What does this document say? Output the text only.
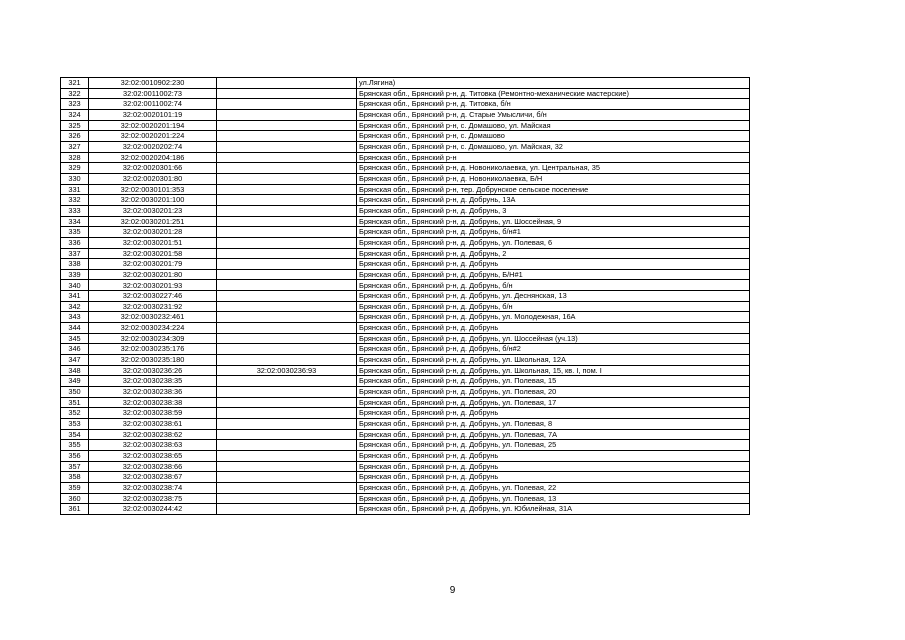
321	32:02:0010902:230		ул.Лягина)
322	32:02:0011002:73		Брянская обл., Брянский р-н, д. Титовка (Ремонтно-механические мастерские)
323	32:02:0011002:74		Брянская обл., Брянский р-н, д. Титовка, б/н
324	32:02:0020101:19		Брянская обл., Брянский р-н, д. Старые Умысличи, б/н
325	32:02:0020201:194		Брянская обл., Брянский р-н, с. Домашово, ул. Майская
326	32:02:0020201:224		Брянская обл., Брянский р-н, с. Домашово
327	32:02:0020202:74		Брянская обл., Брянский р-н, с. Домашово, ул. Майская, 32
328	32:02:0020204:186		Брянская обл., Брянский р-н
329	32:02:0020301:66		Брянская обл., Брянский р-н, д. Новониколаевка, ул. Центральная, 35
330	32:02:0020301:80		Брянская обл., Брянский р-н, д. Новониколаевка, Б/Н
331	32:02:0030101:353		Брянская обл., Брянский р-н, тер. Добрунское сельское поселение
332	32:02:0030201:100		Брянская обл., Брянский р-н, д. Добрунь, 13А
333	32:02:0030201:23		Брянская обл., Брянский р-н, д. Добрунь, 3
334	32:02:0030201:251		Брянская обл., Брянский р-н, д. Добрунь, ул. Шоссейная, 9
335	32:02:0030201:28		Брянская обл., Брянский р-н, д. Добрунь, б/н#1
336	32:02:0030201:51		Брянская обл., Брянский р-н, д. Добрунь, ул. Полевая, 6
337	32:02:0030201:58		Брянская обл., Брянский р-н, д. Добрунь, 2
338	32:02:0030201:79		Брянская обл., Брянский р-н, д. Добрунь
339	32:02:0030201:80		Брянская обл., Брянский р-н, д. Добрунь, Б/Н#1
340	32:02:0030201:93		Брянская обл., Брянский р-н, д. Добрунь, б/н
341	32:02:0030227:46		Брянская обл., Брянский р-н, д. Добрунь, ул. Деснянская, 13
342	32:02:0030231:92		Брянская обл., Брянский р-н, д. Добрунь, б/н
343	32:02:0030232:461		Брянская обл., Брянский р-н, д. Добрунь, ул. Молодежная, 16А
344	32:02:0030234:224		Брянская обл., Брянский р-н, д. Добрунь
345	32:02:0030234:309		Брянская обл., Брянский р-н, д. Добрунь, ул. Шоссейная (уч.13)
346	32:02:0030235:176		Брянская обл., Брянский р-н, д. Добрунь, б/н#2
347	32:02:0030235:180		Брянская обл., Брянский р-н, д. Добрунь, ул. Школьная, 12А
348	32:02:0030236:26	32:02:0030236:93	Брянская обл., Брянский р-н, д. Добрунь, ул. Школьная, 15, кв. I, пом. I
349	32:02:0030238:35		Брянская обл., Брянский р-н, д. Добрунь, ул. Полевая, 15
350	32:02:0030238:36		Брянская обл., Брянский р-н, д. Добрунь, ул. Полевая, 20
351	32:02:0030238:38		Брянская обл., Брянский р-н, д. Добрунь, ул. Полевая, 17
352	32:02:0030238:59		Брянская обл., Брянский р-н, д. Добрунь
353	32:02:0030238:61		Брянская обл., Брянский р-н, д. Добрунь, ул. Полевая, 8
354	32:02:0030238:62		Брянская обл., Брянский р-н, д. Добрунь, ул. Полевая, 7А
355	32:02:0030238:63		Брянская обл., Брянский р-н, д. Добрунь, ул. Полевая, 25
356	32:02:0030238:65		Брянская обл., Брянский р-н, д. Добрунь
357	32:02:0030238:66		Брянская обл., Брянский р-н, д. Добрунь
358	32:02:0030238:67		Брянская обл., Брянский р-н, д. Добрунь
359	32:02:0030238:74		Брянская обл., Брянский р-н, д. Добрунь, ул. Полевая, 22
360	32:02:0030238:75		Брянская обл., Брянский р-н, д. Добрунь, ул. Полевая, 13
361	32:02:0030244:42		Брянская обл., Брянский р-н, д. Добрунь, ул. Юбилейная, 31А
9
